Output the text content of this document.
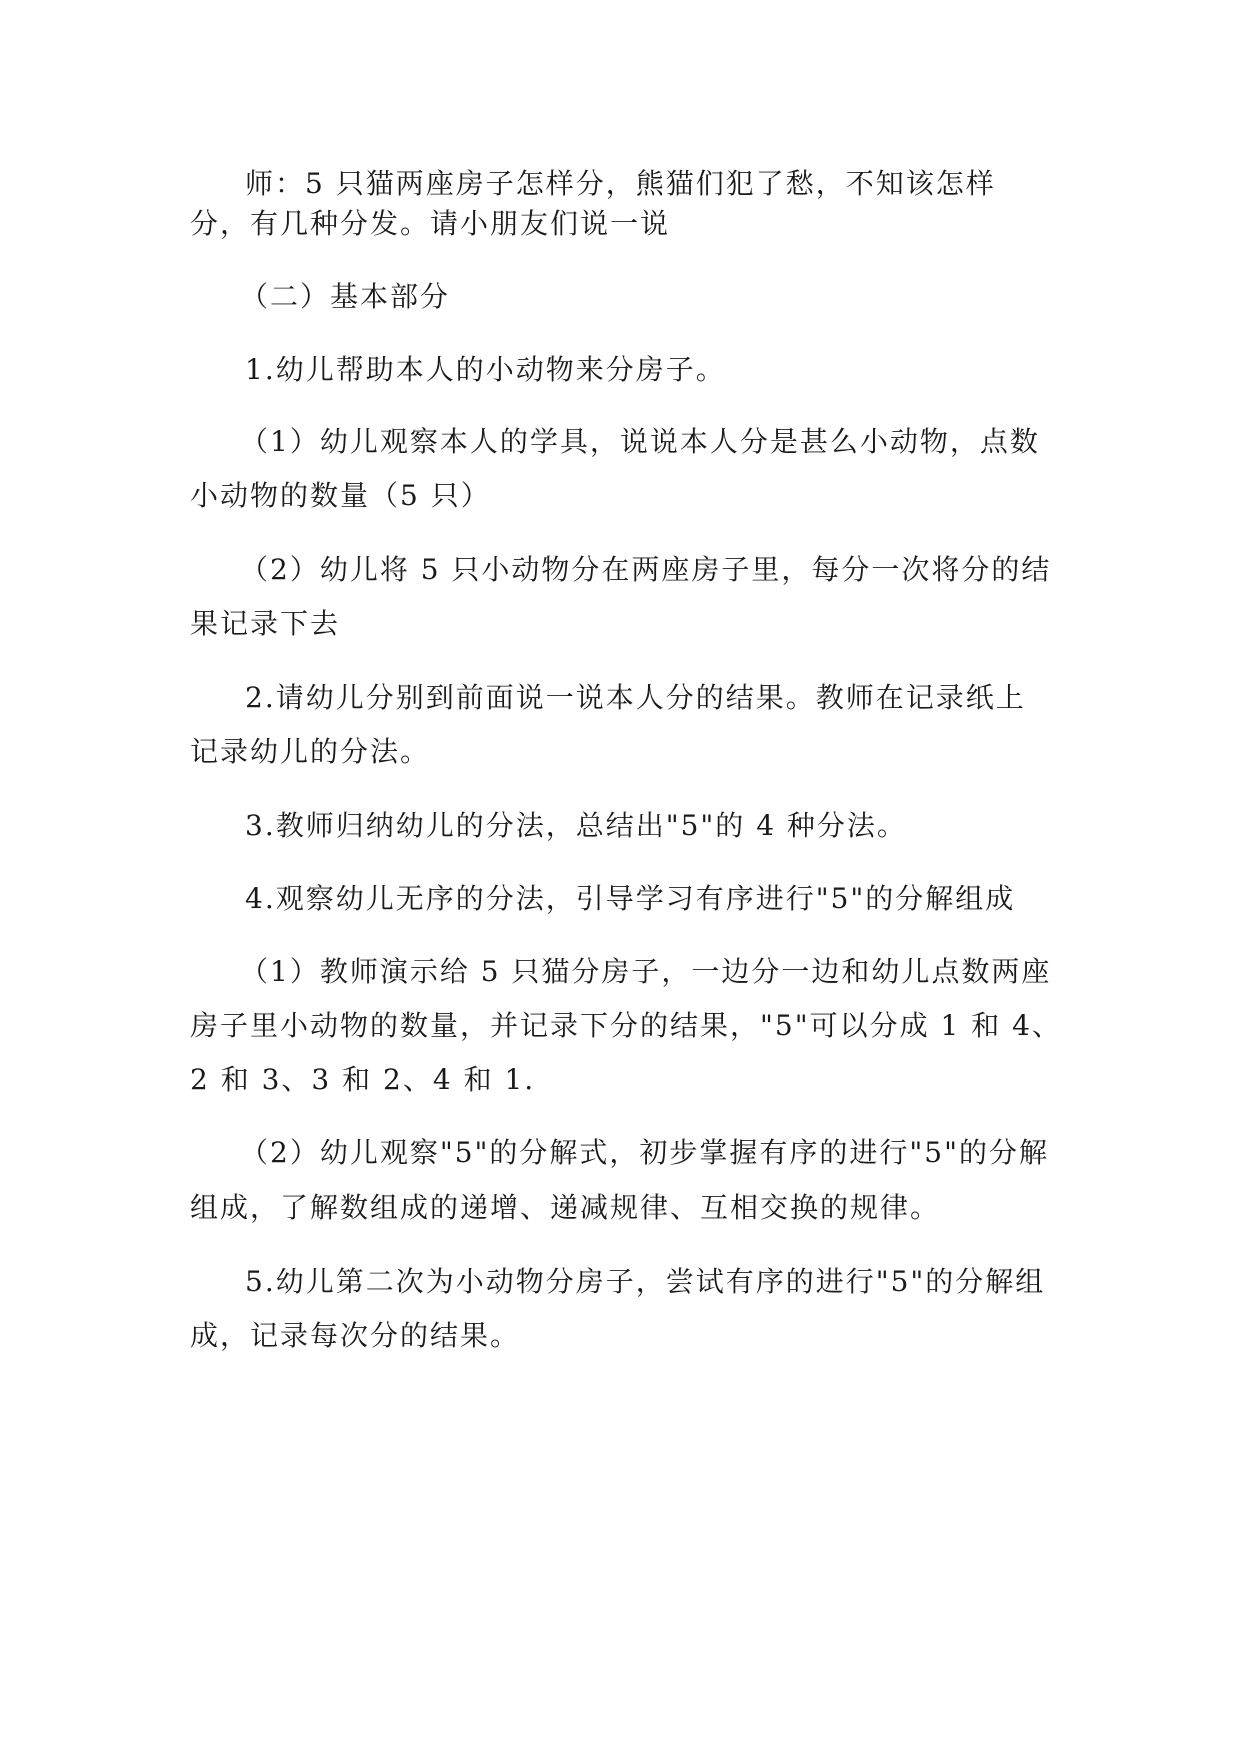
师：5 只猫两座房子怎样分，熊猫们犯了愁，不知该怎样
分，有几种分发。请小朋友们说一说
（二）基本部分
1.幼儿帮助本人的小动物来分房子。
（1）幼儿观察本人的学具，说说本人分是甚么小动物，点数
小动物的数量（5 只）
（2）幼儿将 5 只小动物分在两座房子里，每分一次将分的结
果记录下去
2.请幼儿分别到前面说一说本人分的结果。教师在记录纸上
记录幼儿的分法。
3.教师归纳幼儿的分法，总结出"5"的 4 种分法。
4.观察幼儿无序的分法，引导学习有序进行"5"的分解组成
（1）教师演示给 5 只猫分房子，一边分一边和幼儿点数两座
房子里小动物的数量，并记录下分的结果，"5"可以分成 1 和 4、
2 和 3、3 和 2、4 和 1.
（2）幼儿观察"5"的分解式，初步掌握有序的进行"5"的分解
组成，了解数组成的递增、递减规律、互相交换的规律。
5.幼儿第二次为小动物分房子，尝试有序的进行"5"的分解组
成，记录每次分的结果。
